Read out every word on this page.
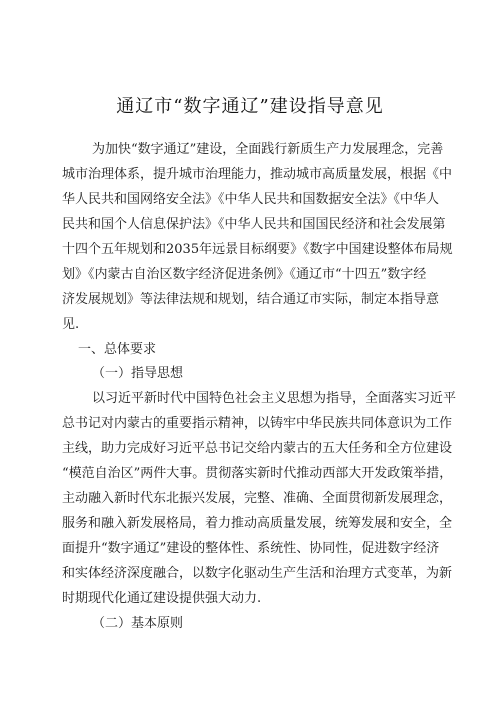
通辽市“数字通辽”建设指导意见
为加快“数字通辽”建设，全面践行新质生产力发展理念，完善
城市治理体系，提升城市治理能力，推动城市高质量发展，根据《中
华人民共和国网络安全法》《中华人民共和国数据安全法》《中华人
民共和国个人信息保护法》《中华人民共和国国民经济和社会发展第
十四个五年规划和2035年远景目标纲要》《数字中国建设整体布局规
划》《内蒙古自治区数字经济促进条例》《通辽市“十四五”数字经
济发展规划》等法律法规和规划，结合通辽市实际，制定本指导意
见.
一、总体要求
（一）指导思想
以习近平新时代中国特色社会主义思想为指导，全面落实习近平
总书记对内蒙古的重要指示精神，以铸牢中华民族共同体意识为工作
主线，助力完成好习近平总书记交给内蒙古的五大任务和全方位建设
“模范自治区”两件大事。贯彻落实新时代推动西部大开发政策举措，
主动融入新时代东北振兴发展，完整、准确、全面贯彻新发展理念，
服务和融入新发展格局，着力推动高质量发展，统筹发展和安全，全
面提升“数字通辽”建设的整体性、系统性、协同性，促进数字经济
和实体经济深度融合，以数字化驱动生产生活和治理方式变革，为新
时期现代化通辽建设提供强大动力.
（二）基本原则
